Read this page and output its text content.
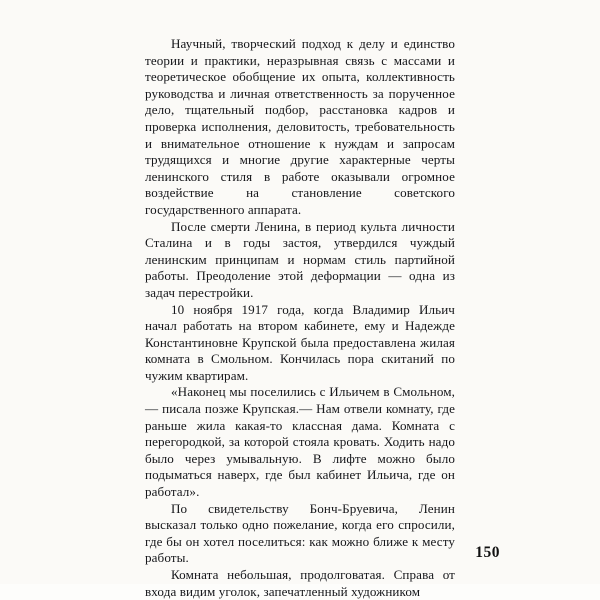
Научный, творческий подход к делу и единство теории и практики, неразрывная связь с массами и теоретическое обобщение их опыта, коллективность руководства и личная ответственность за порученное дело, тщательный подбор, расстановка кадров и проверка исполнения, деловитость, требовательность и внимательное отношение к нуждам и запросам трудящихся и многие другие характерные черты ленинского стиля в работе оказывали огромное воздействие на становление советского государственного аппарата.

После смерти Ленина, в период культа личности Сталина и в годы застоя, утвердился чуждый ленинским принципам и нормам стиль партийной работы. Преодоление этой деформации — одна из задач перестройки.

10 ноября 1917 года, когда Владимир Ильич начал работать на втором кабинете, ему и Надежде Константиновне Крупской была предоставлена жилая комната в Смольном. Кончилась пора скитаний по чужим квартирам.

«Наконец мы поселились с Ильичем в Смольном,— писала позже Крупская.— Нам отвели комнату, где раньше жила какая-то классная дама. Комната с перегородкой, за которой стояла кровать. Ходить надо было через умывальную. В лифте можно было подыматься наверх, где был кабинет Ильича, где он работал».

По свидетельству Бонч-Бруевича, Ленин высказал только одно пожелание, когда его спросили, где бы он хотел поселиться: как можно ближе к месту работы.

Комната небольшая, продолговатая. Справа от входа видим уголок, запечатленный художником

150
